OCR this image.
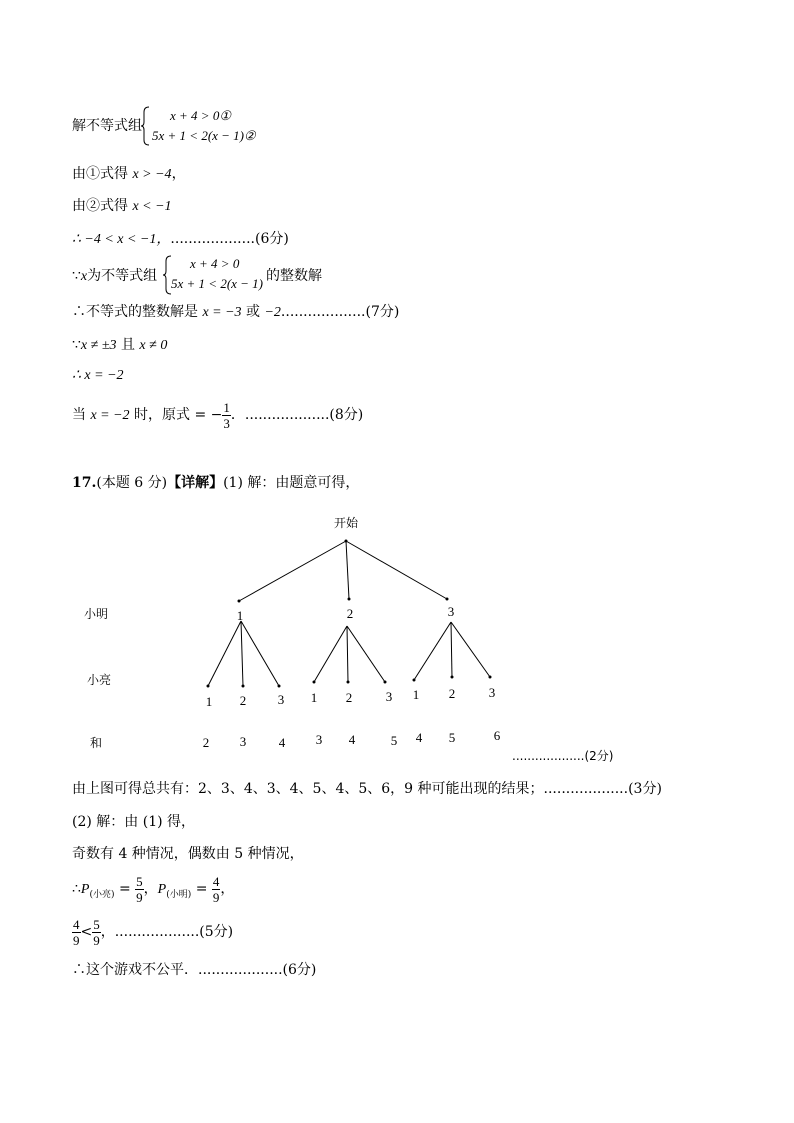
解不等式组
x + 4 > 0①
5x + 1 < 2(x − 1)②
由①式得 x > −4，
由②式得 x < −1
∴ −4 < x < −1，...................(6分)
∵x为不等式组
x + 4 > 0
5x + 1 < 2(x − 1) 的整数解
∴不等式的整数解是 x = −3 或 −2...................(7分)
∵x ≠ ±3 且 x ≠ 0
∴ x = −2
当 x = −2 时，原式 = − $\frac{1}{3}$ ．...................(8分)
17.(本题 6 分)【详解】(1) 解：由题意可得，
开始
小明
小亮
和
1	2	3
1 2 3 1 2	3 1 2	3
2 3	4 3 4	5 4 5	6
...................(2分)
由上图可得总共有：2、3、4、3、4、5、4、5、6，9 种可能出现的结果；...................(3分)
(2) 解：由 (1) 得，
奇数有 4 种情况，偶数由 5 种情况，
$\therefore P_{(小亮)} = \frac{5}{9}$ ，$P_{(小明)} = \frac{4}{9}$ ，
$\frac{4}{9} < \frac{5}{9}$ ，...................(5分)
∴这个游戏不公平．...................(6分)
